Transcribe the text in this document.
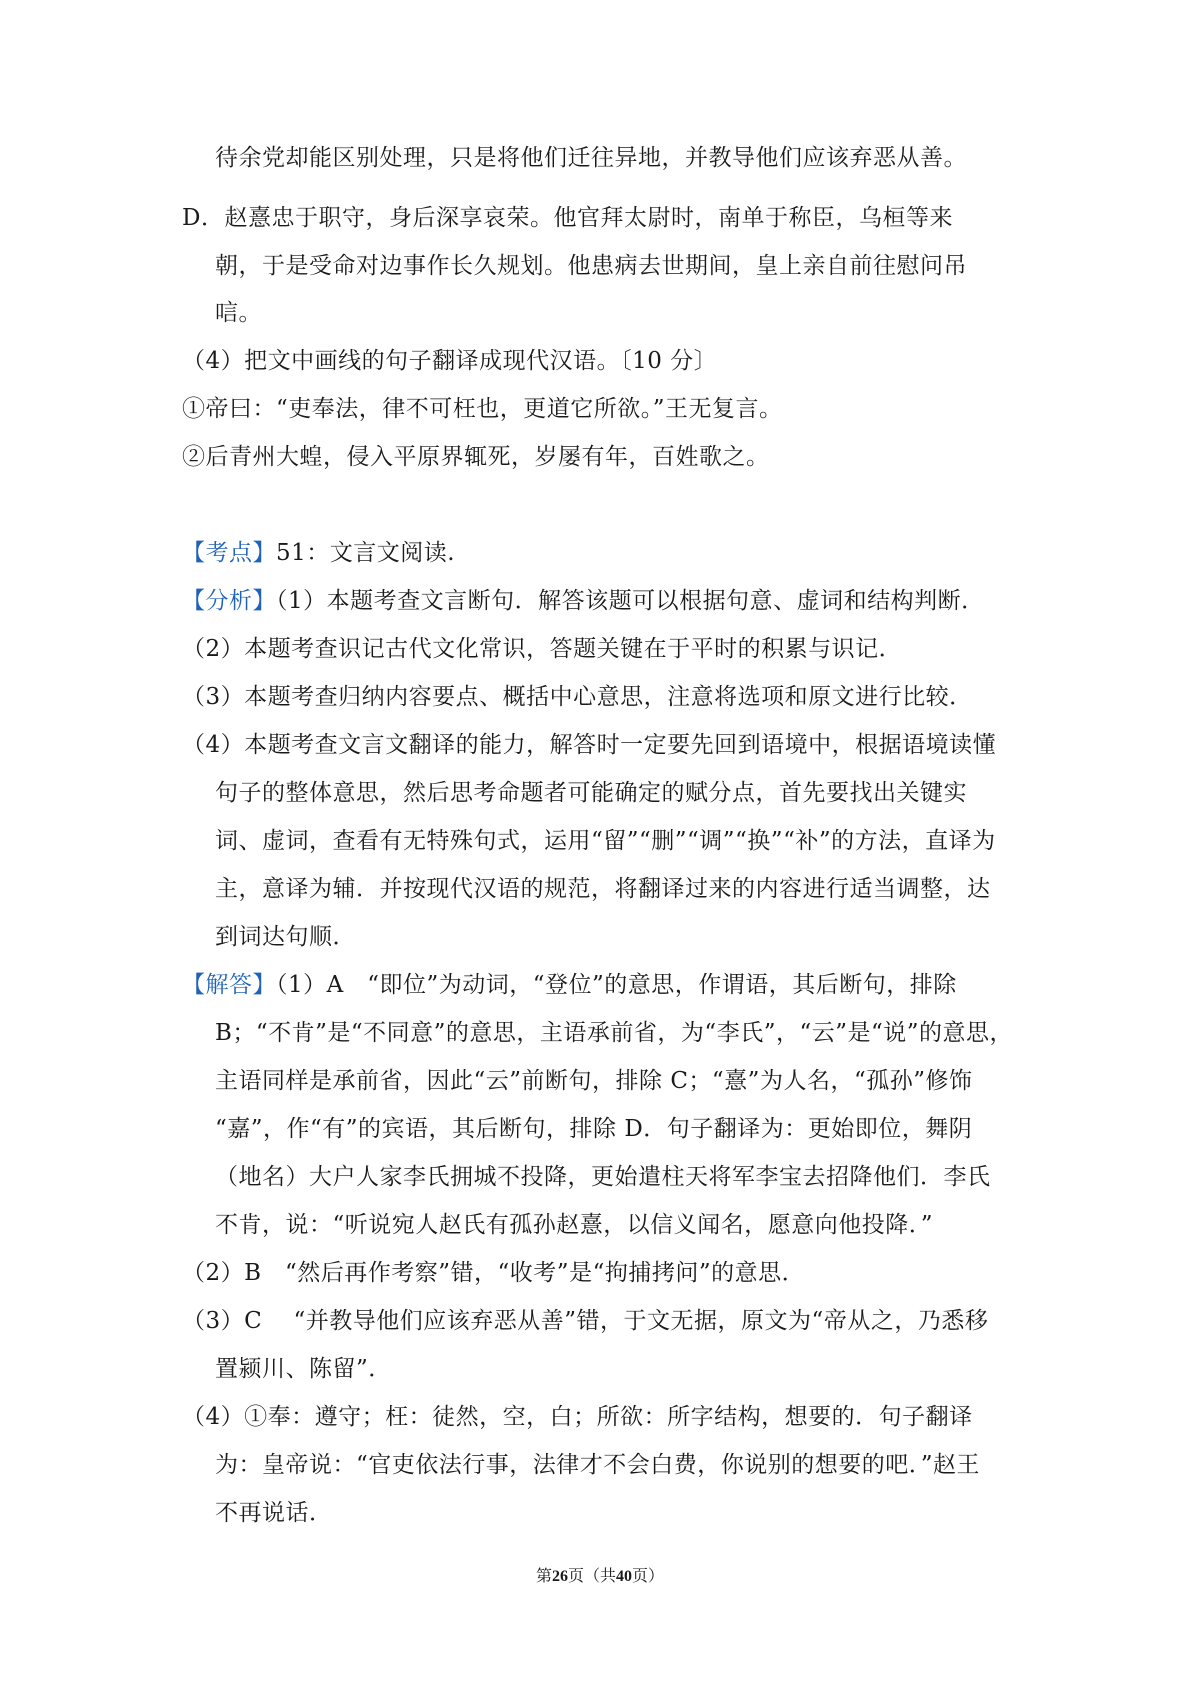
待余党却能区别处理，只是将他们迁往异地，并教导他们应该弃恶从善。
D．赵憙忠于职守，身后深享哀荣。他官拜太尉时，南单于称臣，乌桓等来
朝，于是受命对边事作长久规划。他患病去世期间，皇上亲自前往慰问吊
唁。
（4）把文中画线的句子翻译成现代汉语。〔10 分〕
①帝曰：“吏奉法，律不可枉也，更道它所欲。”王无复言。
②后青州大蝗，侵入平原界辄死，岁屡有年，百姓歌之。
【考点】51：文言文阅读.
【分析】（1）本题考查文言断句．解答该题可以根据句意、虚词和结构判断．
（2）本题考查识记古代文化常识，答题关键在于平时的积累与识记．
（3）本题考查归纳内容要点、概括中心意思，注意将选项和原文进行比较．
（4）本题考查文言文翻译的能力，解答时一定要先回到语境中，根据语境读懂
句子的整体意思，然后思考命题者可能确定的赋分点，首先要找出关键实
词、虚词，查看有无特殊句式，运用“留”“删”“调”“换”“补”的方法，直译为
主，意译为辅．并按现代汉语的规范，将翻译过来的内容进行适当调整，达
到词达句顺．
【解答】（1）A　“即位”为动词，“登位”的意思，作谓语，其后断句，排除
B；“不肯”是“不同意”的意思，主语承前省，为“李氏”，“云”是“说”的意思，
主语同样是承前省，因此“云”前断句，排除 C；“憙”为人名，“孤孙”修饰
“嘉”，作“有”的宾语，其后断句，排除 D．句子翻译为：更始即位，舞阴
（地名）大户人家李氏拥城不投降，更始遣柱天将军李宝去招降他们．李氏
不肯，说：“听说宛人赵氏有孤孙赵憙，以信义闻名，愿意向他投降．”
（2）B　“然后再作考察”错，“收考”是“拘捕拷问”的意思．
（3）C　 “并教导他们应该弃恶从善”错，于文无据，原文为“帝从之，乃悉移
置颍川、陈留”．
（4）①奉：遵守；枉：徒然，空，白；所欲：所字结构，想要的．句子翻译
为：皇帝说：“官吏依法行事，法律才不会白费，你说别的想要的吧．”赵王
不再说话．
第26页（共40页）
